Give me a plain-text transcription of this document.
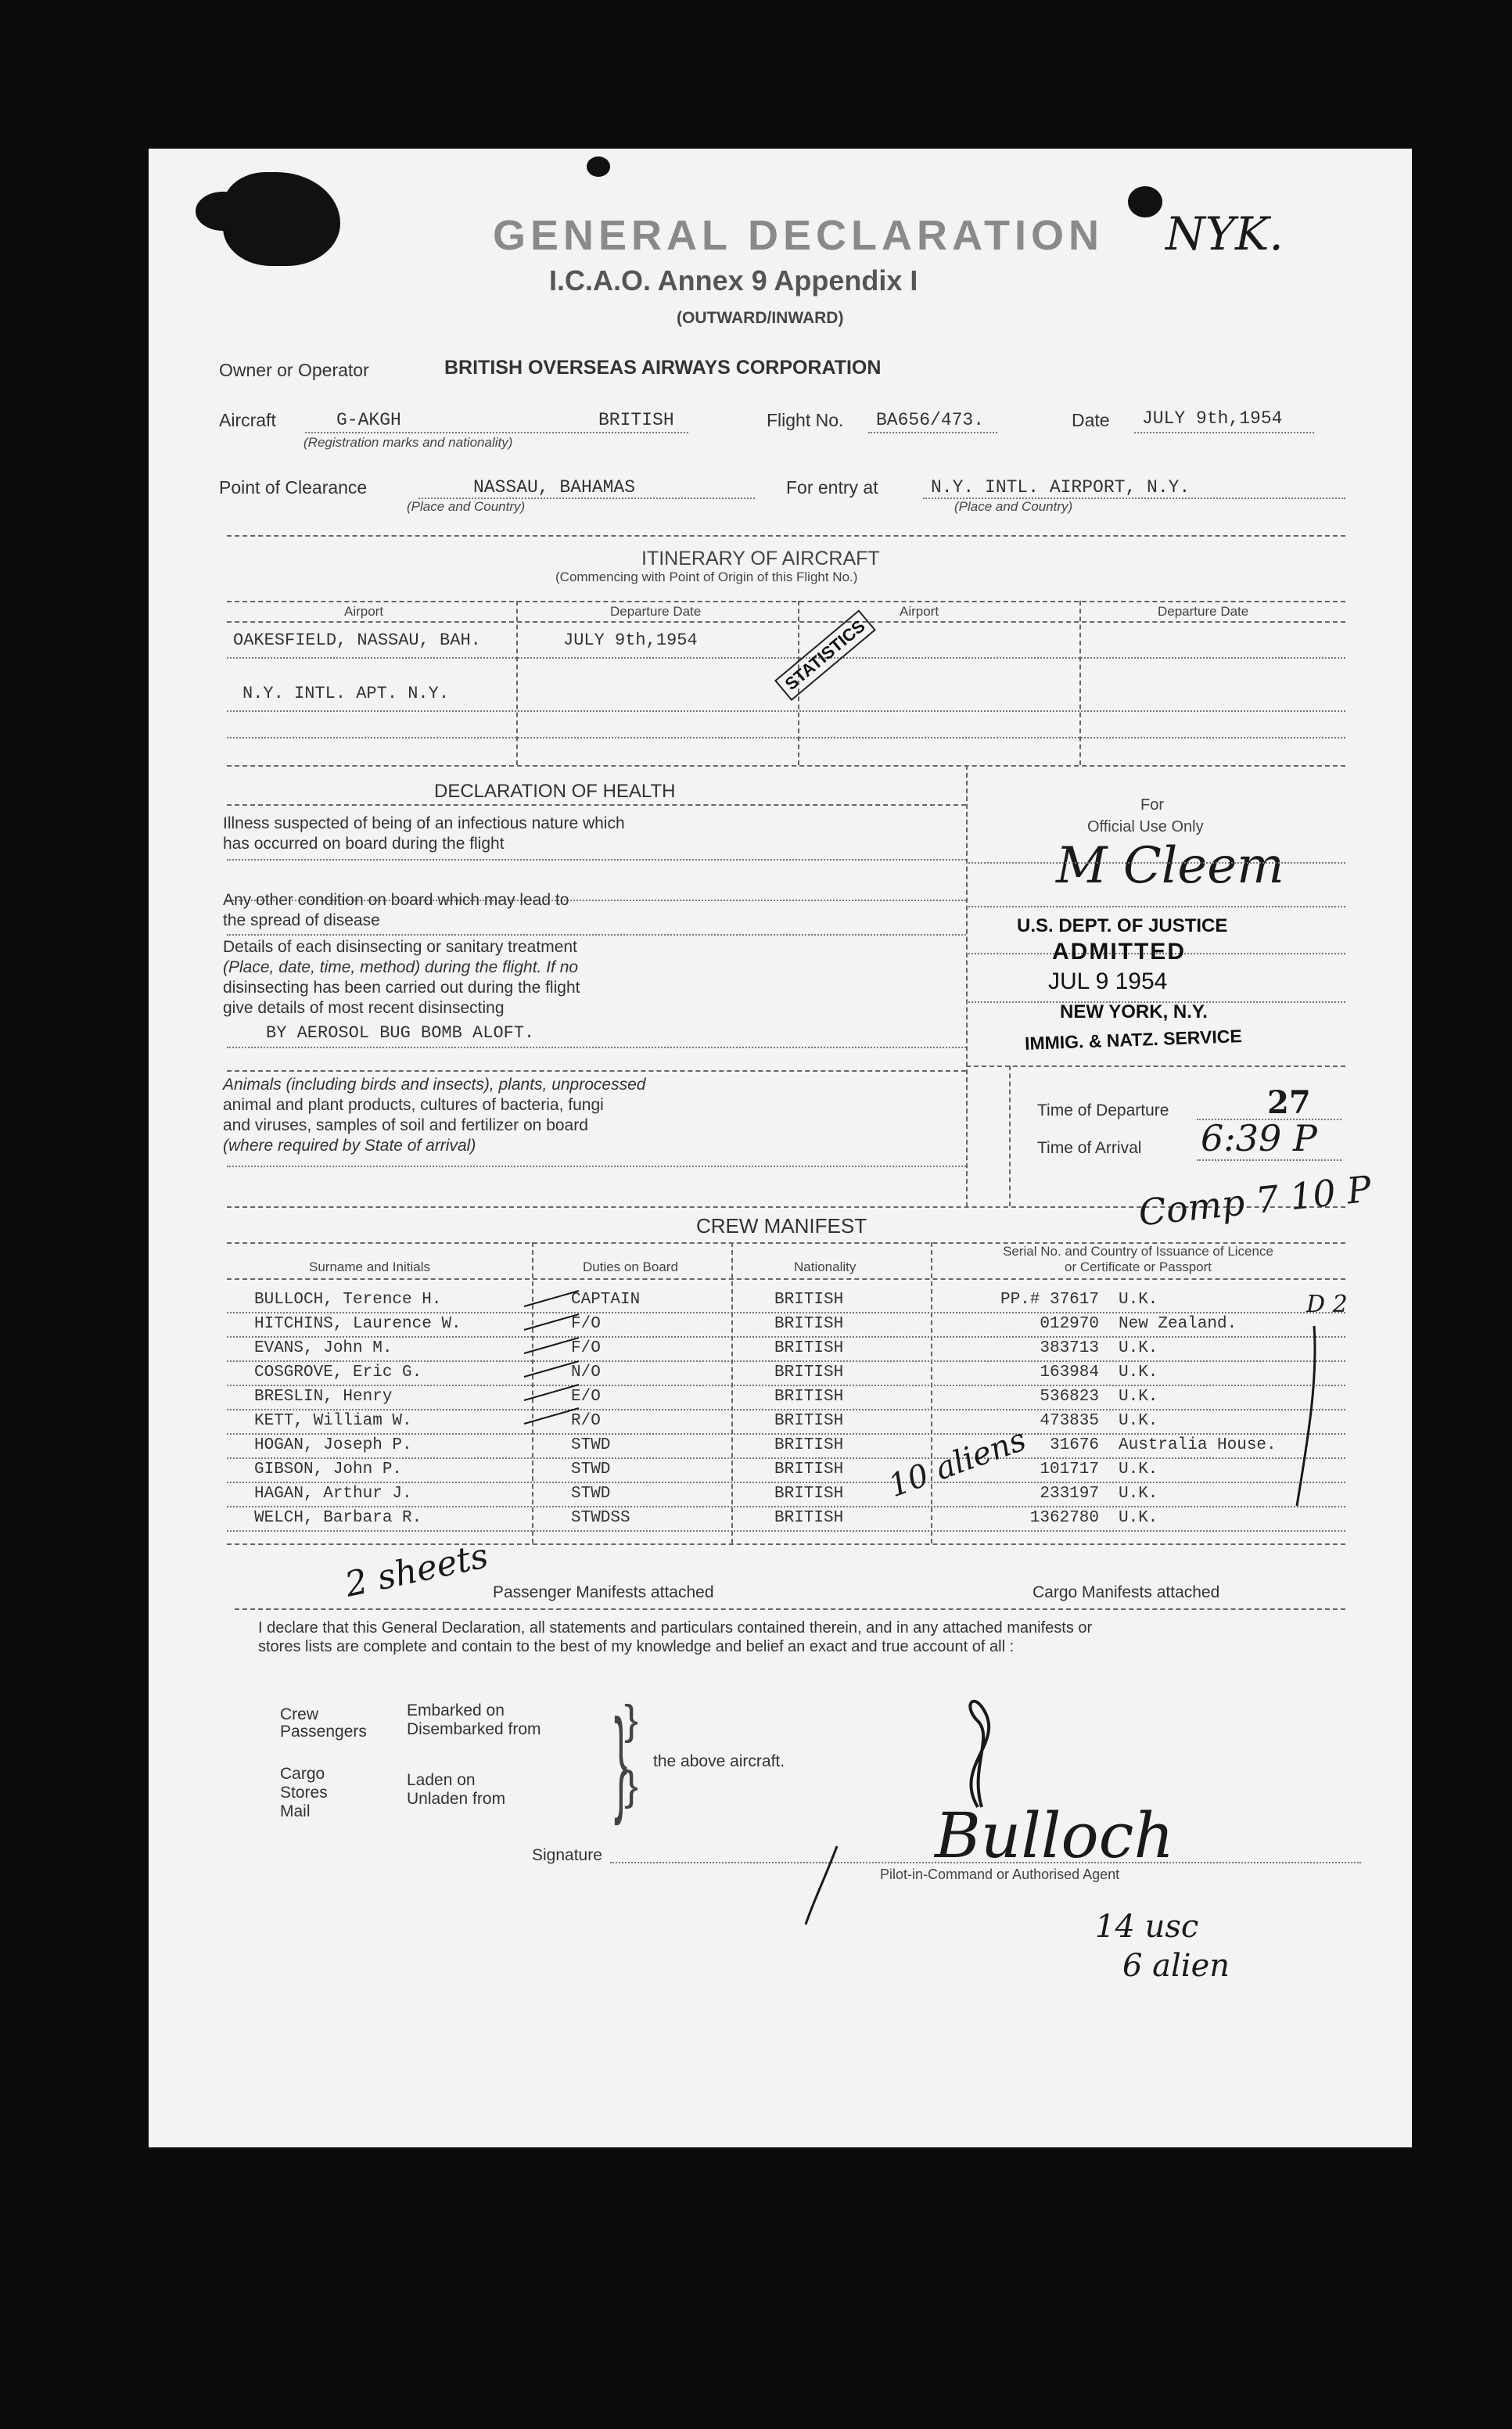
GENERAL DECLARATION
I.C.A.O. Annex 9 Appendix I
(OUTWARD/INWARD)
NYK.
Owner or Operator	BRITISH OVERSEAS AIRWAYS CORPORATION
Aircraft	G-AKGH	BRITISH
(Registration marks and nationality)
Flight No. BA656/473.	Date JULY 9th,1954
Point of Clearance	NASSAU, BAHAMAS
(Place and Country)
For entry at	N.Y. INTL. AIRPORT, N.Y.
(Place and Country)
ITINERARY OF AIRCRAFT
(Commencing with Point of Origin of this Flight No.)
Airport	Departure Date	Airport	Departure Date
OAKESFIELD, NASSAU, BAH.	JULY 9th,1954
N.Y. INTL. APT. N.Y.	STATISTICS
DECLARATION OF HEALTH
Illness suspected of being of an infectious nature which
has occurred on board during the flight
Any other condition on board which may lead to
the spread of disease
Details of each disinsecting or sanitary treatment
(Place, date, time, method) during the flight. If no
disinsecting has been carried out during the flight
give details of most recent disinsecting
BY AEROSOL BUG BOMB ALOFT.
Animals (including birds and insects), plants, unprocessed
animal and plant products, cultures of bacteria, fungi
and viruses, samples of soil and fertilizer on board
(where required by State of arrival)
For
Official Use Only
M Cleem
U.S. DEPT. OF JUSTICE
ADMITTED
JUL 9 1954
NEW YORK, N.Y.
IMMIG. & NATZ. SERVICE
Time of Departure	27
Time of Arrival 6:39 P
Comp 7 10 P
CREW MANIFEST
Surname and Initials	Duties on Board	Nationality
Serial No. and Country of Issuance of Licence or Certificate or Passport
BULLOCH, Terence H.	CAPTAIN	BRITISH	PP.# 37617 U.K.
HITCHINS, Laurence W.	F/O	BRITISH	012970 New Zealand.
EVANS, John M.	F/O	BRITISH	383713 U.K.
COSGROVE, Eric G.	N/O	BRITISH	163984 U.K.
BRESLIN, Henry	E/O	BRITISH	536823 U.K.
KETT, William W.	R/O	BRITISH	473835 U.K.
HOGAN, Joseph P.	STWD	BRITISH	31676 Australia House.
GIBSON, John P.	STWD	BRITISH	101717 U.K.
HAGAN, Arthur J.	STWD	BRITISH	233197 U.K.
WELCH, Barbara R.	STWDSS	BRITISH	1362780 U.K.
10 aliens
D 2
Passenger Manifests attached
2 sheets	Cargo Manifests attached
I declare that this General Declaration, all statements and particulars contained therein, and in any attached manifests or
stores lists are complete and contain to the best of my knowledge and belief an exact and true account of all :
Crew
Passengers
Embarked on
Disembarked from
Cargo
Stores
Mail
Laden on
Unladen from
}
}
} the above aircraft.
Signature	Bulloch
Pilot-in-Command or Authorised Agent
14 usc
6 alien
